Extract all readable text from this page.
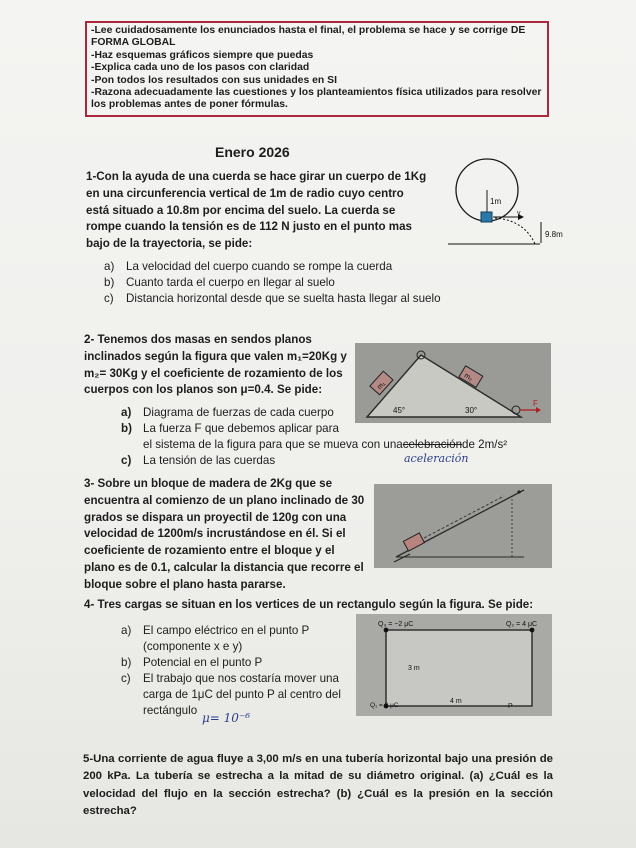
-Lee cuidadosamente los enunciados hasta el final, el problema se hace y se corrige DE
FORMA GLOBAL
-Haz esquemas gráficos siempre que puedas
-Explica cada uno de los pasos con claridad
-Pon todos los resultados con sus unidades en SI
-Razona adecuadamente las cuestiones y los planteamientos física utilizados para resolver
los problemas antes de poner fórmulas.
Enero 2026
1-Con la ayuda de una cuerda se hace girar un cuerpo de 1Kg
en una circunferencia vertical de 1m de radio cuyo centro
está situado a 10.8m por encima del suelo. La cuerda se
rompe cuando la tensión es de 112 N justo en el punto mas
bajo de la trayectoria, se pide:
1m
v
9.8m
a)	La velocidad del cuerpo cuando se rompe la cuerda
b)	Cuanto tarda el cuerpo en llegar al suelo
c)	Distancia horizontal desde que se suelta hasta llegar al suelo
2- Tenemos dos masas en sendos planos
inclinados según la figura que valen m₁=20Kg y
m₂= 30Kg y el coeficiente de rozamiento de los
cuerpos con los planos son μ=0.4. Se pide:	m₁
m₂
45°	30°
F
a)	Diagrama de fuerzas de cada cuerpo
b) La fuerza F que debemos aplicar para
el sistema de la figura para que se mueva con una celebración de 2m/s²
c)	La tensión de las cuerdas	aceleración
3- Sobre un bloque de madera de 2Kg que se
encuentra al comienzo de un plano inclinado de 30
grados se dispara un proyectil de 120g con una
velocidad de 1200m/s incrustándose en él. Si el
coeficiente de rozamiento entre el bloque y el
plano es de 0.1, calcular la distancia que recorre el
bloque sobre el plano hasta pararse.
4- Tres cargas se situan en los vertices de un rectangulo según la figura. Se pide:
a)	El campo eléctrico en el punto P
(componente x e y)
b)	Potencial en el punto P
c)	El trabajo que nos costaría mover una
carga de 1μC del punto P al centro del
rectángulo
μ= 10⁻⁶
Q₃ = −2 μC	Q₂ = 4 μC
Q₁ = 3 μC
3 m
4 m
P
5-Una corriente de agua fluye a 3,00 m/s en una tubería horizontal bajo una presión de 200 kPa. La tubería se estrecha a la mitad de su diámetro original. (a) ¿Cuál es la velocidad del flujo en la sección estrecha? (b) ¿Cuál es la presión en la sección estrecha?
